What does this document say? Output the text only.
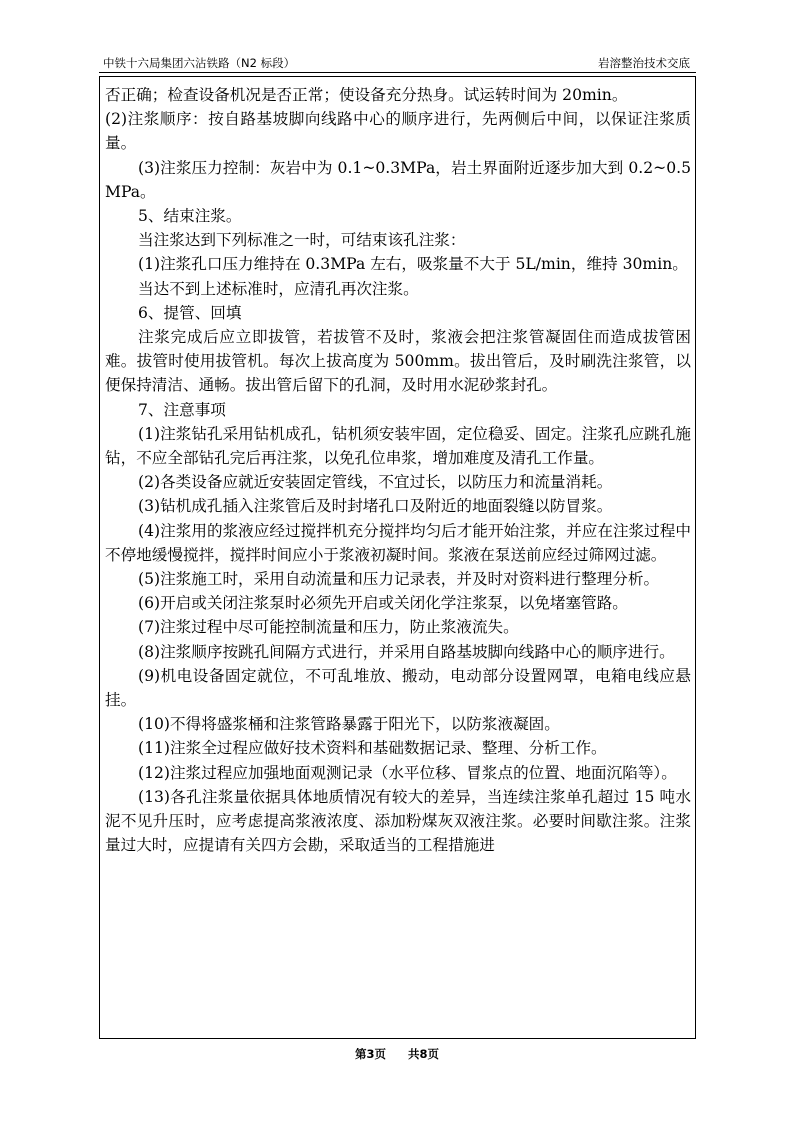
中铁十六局集团六沾铁路（N2 标段）	岩溶整治技术交底

否正确；检查设备机况是否正常；使设备充分热身。试运转时间为 20min。

(2)注浆顺序：按自路基坡脚向线路中心的顺序进行，先两侧后中间，以保证注浆质量。

(3)注浆压力控制：灰岩中为 0.1~0.3MPa，岩土界面附近逐步加大到 0.2~0.5 MPa。

5、结束注浆。

当注浆达到下列标准之一时，可结束该孔注浆：

(1)注浆孔口压力维持在 0.3MPa 左右，吸浆量不大于 5L/min，维持 30min。

当达不到上述标准时，应清孔再次注浆。

6、提管、回填

注浆完成后应立即拔管，若拔管不及时，浆液会把注浆管凝固住而造成拔管困难。拔管时使用拔管机。每次上拔高度为 500mm。拔出管后，及时刷洗注浆管，以便保持清洁、通畅。拔出管后留下的孔洞，及时用水泥砂浆封孔。

7、注意事项

(1)注浆钻孔采用钻机成孔，钻机须安装牢固，定位稳妥、固定。注浆孔应跳孔施钻，不应全部钻孔完后再注浆，以免孔位串浆，增加难度及清孔工作量。

(2)各类设备应就近安装固定管线，不宜过长，以防压力和流量消耗。

(3)钻机成孔插入注浆管后及时封堵孔口及附近的地面裂缝以防冒浆。

(4)注浆用的浆液应经过搅拌机充分搅拌均匀后才能开始注浆，并应在注浆过程中不停地缓慢搅拌，搅拌时间应小于浆液初凝时间。浆液在泵送前应经过筛网过滤。

(5)注浆施工时，采用自动流量和压力记录表，并及时对资料进行整理分析。

(6)开启或关闭注浆泵时必须先开启或关闭化学注浆泵，以免堵塞管路。

(7)注浆过程中尽可能控制流量和压力，防止浆液流失。

(8)注浆顺序按跳孔间隔方式进行，并采用自路基坡脚向线路中心的顺序进行。

(9)机电设备固定就位，不可乱堆放、搬动，电动部分设置网罩，电箱电线应悬挂。

(10)不得将盛浆桶和注浆管路暴露于阳光下，以防浆液凝固。

(11)注浆全过程应做好技术资料和基础数据记录、整理、分析工作。

(12)注浆过程应加强地面观测记录（水平位移、冒浆点的位置、地面沉陷等）。

(13)各孔注浆量依据具体地质情况有较大的差异，当连续注浆单孔超过 15 吨水泥不见升压时，应考虑提高浆液浓度、添加粉煤灰双液注浆。必要时间歇注浆。注浆量过大时，应提请有关四方会勘，采取适当的工程措施进

第3页 共8页
